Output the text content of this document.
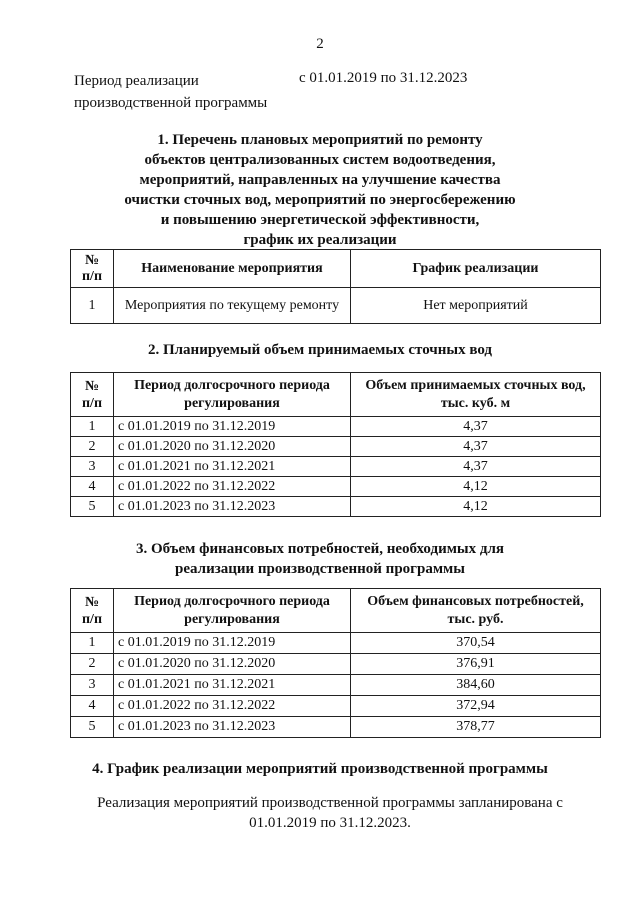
2
Период реализации
производственной программы
с 01.01.2019 по 31.12.2023
1. Перечень плановых мероприятий по ремонту
объектов централизованных систем водоотведения,
мероприятий, направленных на улучшение качества
очистки сточных вод, мероприятий по энергосбережению
и повышению энергетической эффективности,
график их реализации
№
п/п	Наименование мероприятия	График реализации
1	Мероприятия по текущему ремонту	Нет мероприятий
2. Планируемый объем принимаемых сточных вод
№
п/п	Период долгосрочного периода регулирования	Объем принимаемых сточных вод, тыс. куб. м
1	с 01.01.2019 по 31.12.2019	4,37
2	с 01.01.2020 по 31.12.2020	4,37
3	с 01.01.2021 по 31.12.2021	4,37
4	с 01.01.2022 по 31.12.2022	4,12
5	с 01.01.2023 по 31.12.2023	4,12
3. Объем финансовых потребностей, необходимых для
реализации производственной программы
№
п/п	Период долгосрочного периода регулирования	Объем финансовых потребностей, тыс. руб.
1	с 01.01.2019 по 31.12.2019	370,54
2	с 01.01.2020 по 31.12.2020	376,91
3	с 01.01.2021 по 31.12.2021	384,60
4	с 01.01.2022 по 31.12.2022	372,94
5	с 01.01.2023 по 31.12.2023	378,77
4. График реализации мероприятий производственной программы
Реализация мероприятий производственной программы запланирована с
01.01.2019 по 31.12.2023.
